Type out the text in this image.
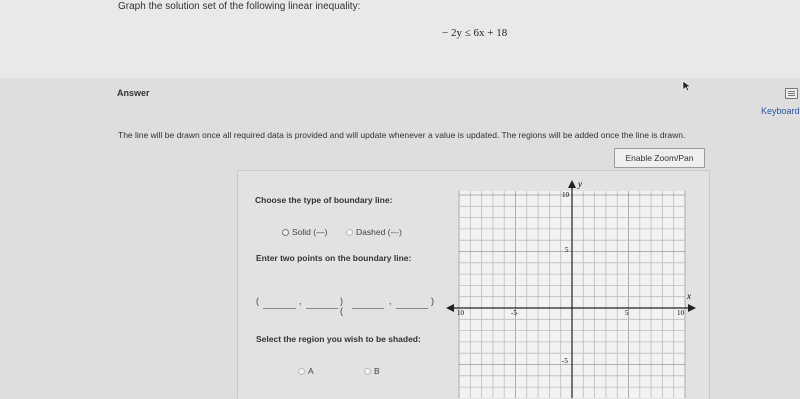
Graph the solution set of the following linear inequality:
− 2y ≤ 6x + 18
Answer
Keyboard
The line will be drawn once all required data is provided and will update whenever a value is updated. The regions will be added once the line is drawn.
Enable Zoom/Pan
Choose the type of boundary line:
Solid (—)	Dashed (---)
Enter two points on the boundary line:
(	,	)(
,	)
Select the region you wish to be shaded:
A	B
x
y
10	-5	5	10
10
5
-5
